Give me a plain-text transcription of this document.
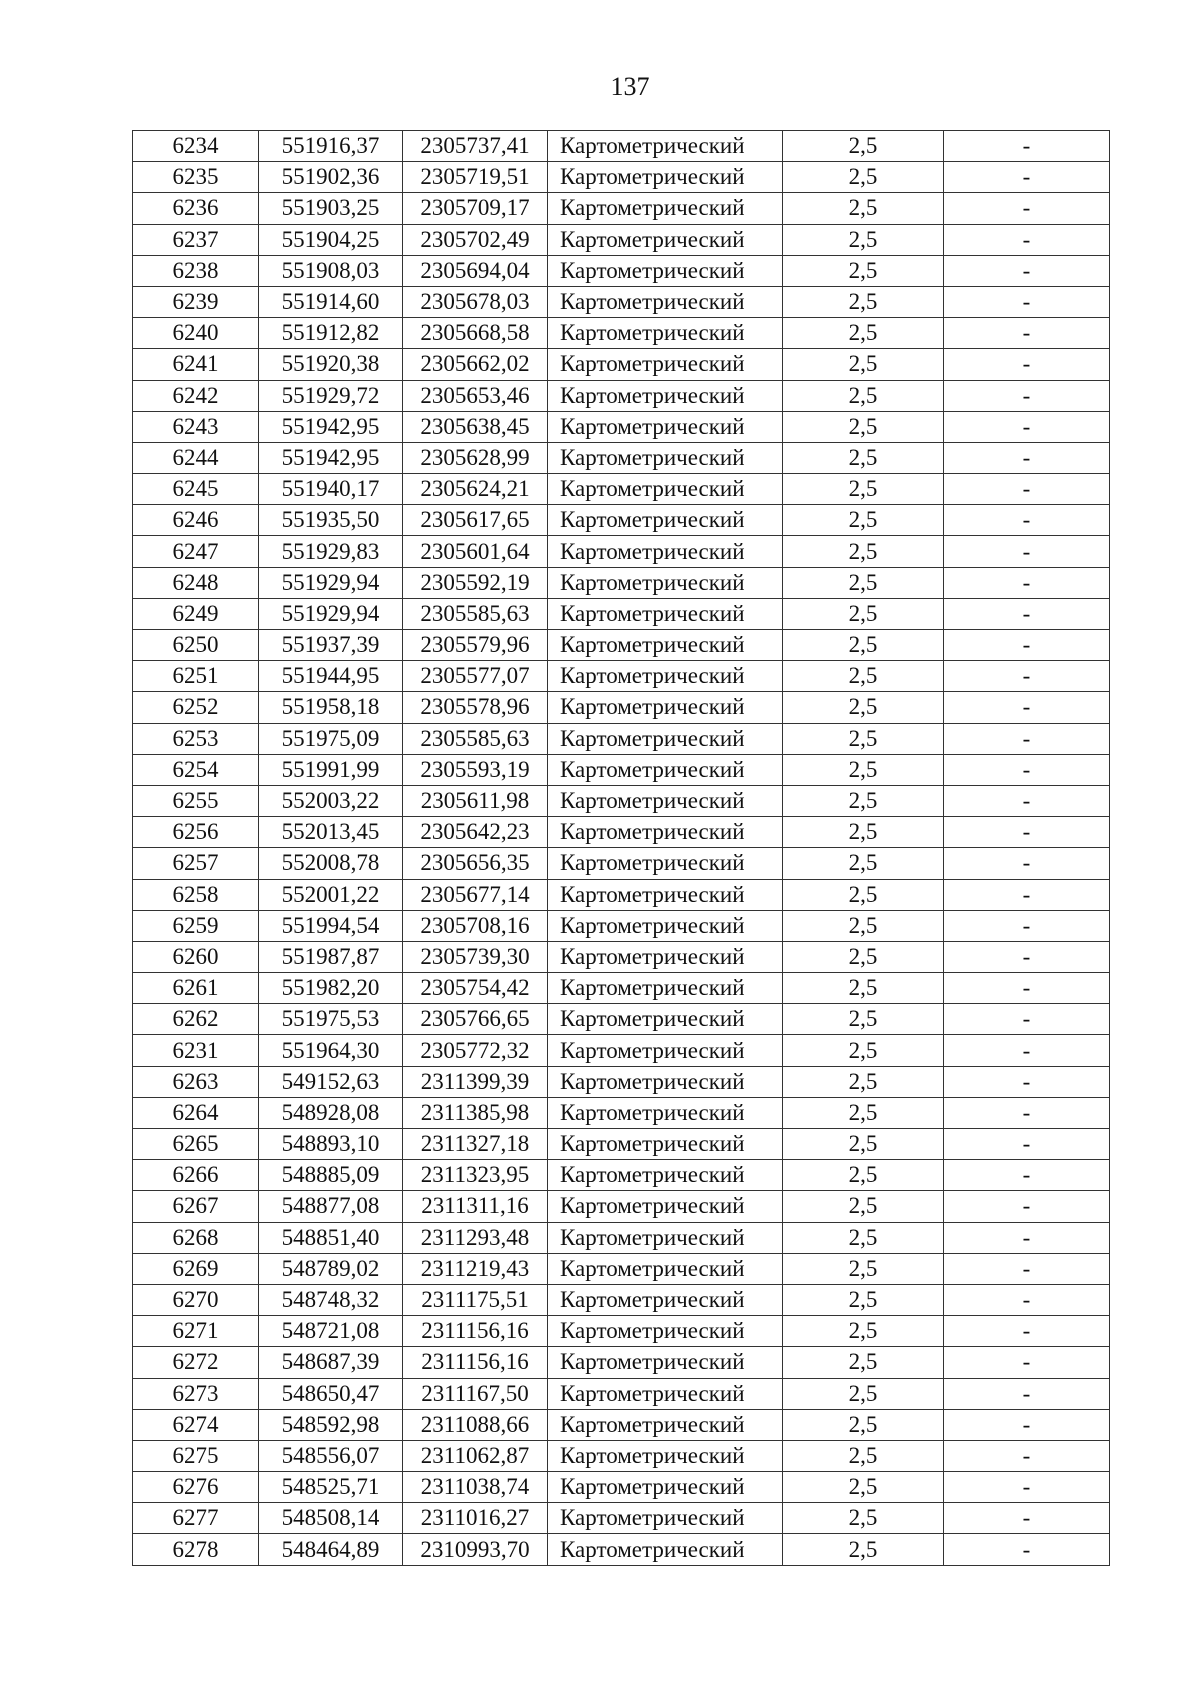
137
6234	551916,37	2305737,41	Картометрический	2,5	-
6235	551902,36	2305719,51	Картометрический	2,5	-
6236	551903,25	2305709,17	Картометрический	2,5	-
6237	551904,25	2305702,49	Картометрический	2,5	-
6238	551908,03	2305694,04	Картометрический	2,5	-
6239	551914,60	2305678,03	Картометрический	2,5	-
6240	551912,82	2305668,58	Картометрический	2,5	-
6241	551920,38	2305662,02	Картометрический	2,5	-
6242	551929,72	2305653,46	Картометрический	2,5	-
6243	551942,95	2305638,45	Картометрический	2,5	-
6244	551942,95	2305628,99	Картометрический	2,5	-
6245	551940,17	2305624,21	Картометрический	2,5	-
6246	551935,50	2305617,65	Картометрический	2,5	-
6247	551929,83	2305601,64	Картометрический	2,5	-
6248	551929,94	2305592,19	Картометрический	2,5	-
6249	551929,94	2305585,63	Картометрический	2,5	-
6250	551937,39	2305579,96	Картометрический	2,5	-
6251	551944,95	2305577,07	Картометрический	2,5	-
6252	551958,18	2305578,96	Картометрический	2,5	-
6253	551975,09	2305585,63	Картометрический	2,5	-
6254	551991,99	2305593,19	Картометрический	2,5	-
6255	552003,22	2305611,98	Картометрический	2,5	-
6256	552013,45	2305642,23	Картометрический	2,5	-
6257	552008,78	2305656,35	Картометрический	2,5	-
6258	552001,22	2305677,14	Картометрический	2,5	-
6259	551994,54	2305708,16	Картометрический	2,5	-
6260	551987,87	2305739,30	Картометрический	2,5	-
6261	551982,20	2305754,42	Картометрический	2,5	-
6262	551975,53	2305766,65	Картометрический	2,5	-
6231	551964,30	2305772,32	Картометрический	2,5	-
6263	549152,63	2311399,39	Картометрический	2,5	-
6264	548928,08	2311385,98	Картометрический	2,5	-
6265	548893,10	2311327,18	Картометрический	2,5	-
6266	548885,09	2311323,95	Картометрический	2,5	-
6267	548877,08	2311311,16	Картометрический	2,5	-
6268	548851,40	2311293,48	Картометрический	2,5	-
6269	548789,02	2311219,43	Картометрический	2,5	-
6270	548748,32	2311175,51	Картометрический	2,5	-
6271	548721,08	2311156,16	Картометрический	2,5	-
6272	548687,39	2311156,16	Картометрический	2,5	-
6273	548650,47	2311167,50	Картометрический	2,5	-
6274	548592,98	2311088,66	Картометрический	2,5	-
6275	548556,07	2311062,87	Картометрический	2,5	-
6276	548525,71	2311038,74	Картометрический	2,5	-
6277	548508,14	2311016,27	Картометрический	2,5	-
6278	548464,89	2310993,70	Картометрический	2,5	-
